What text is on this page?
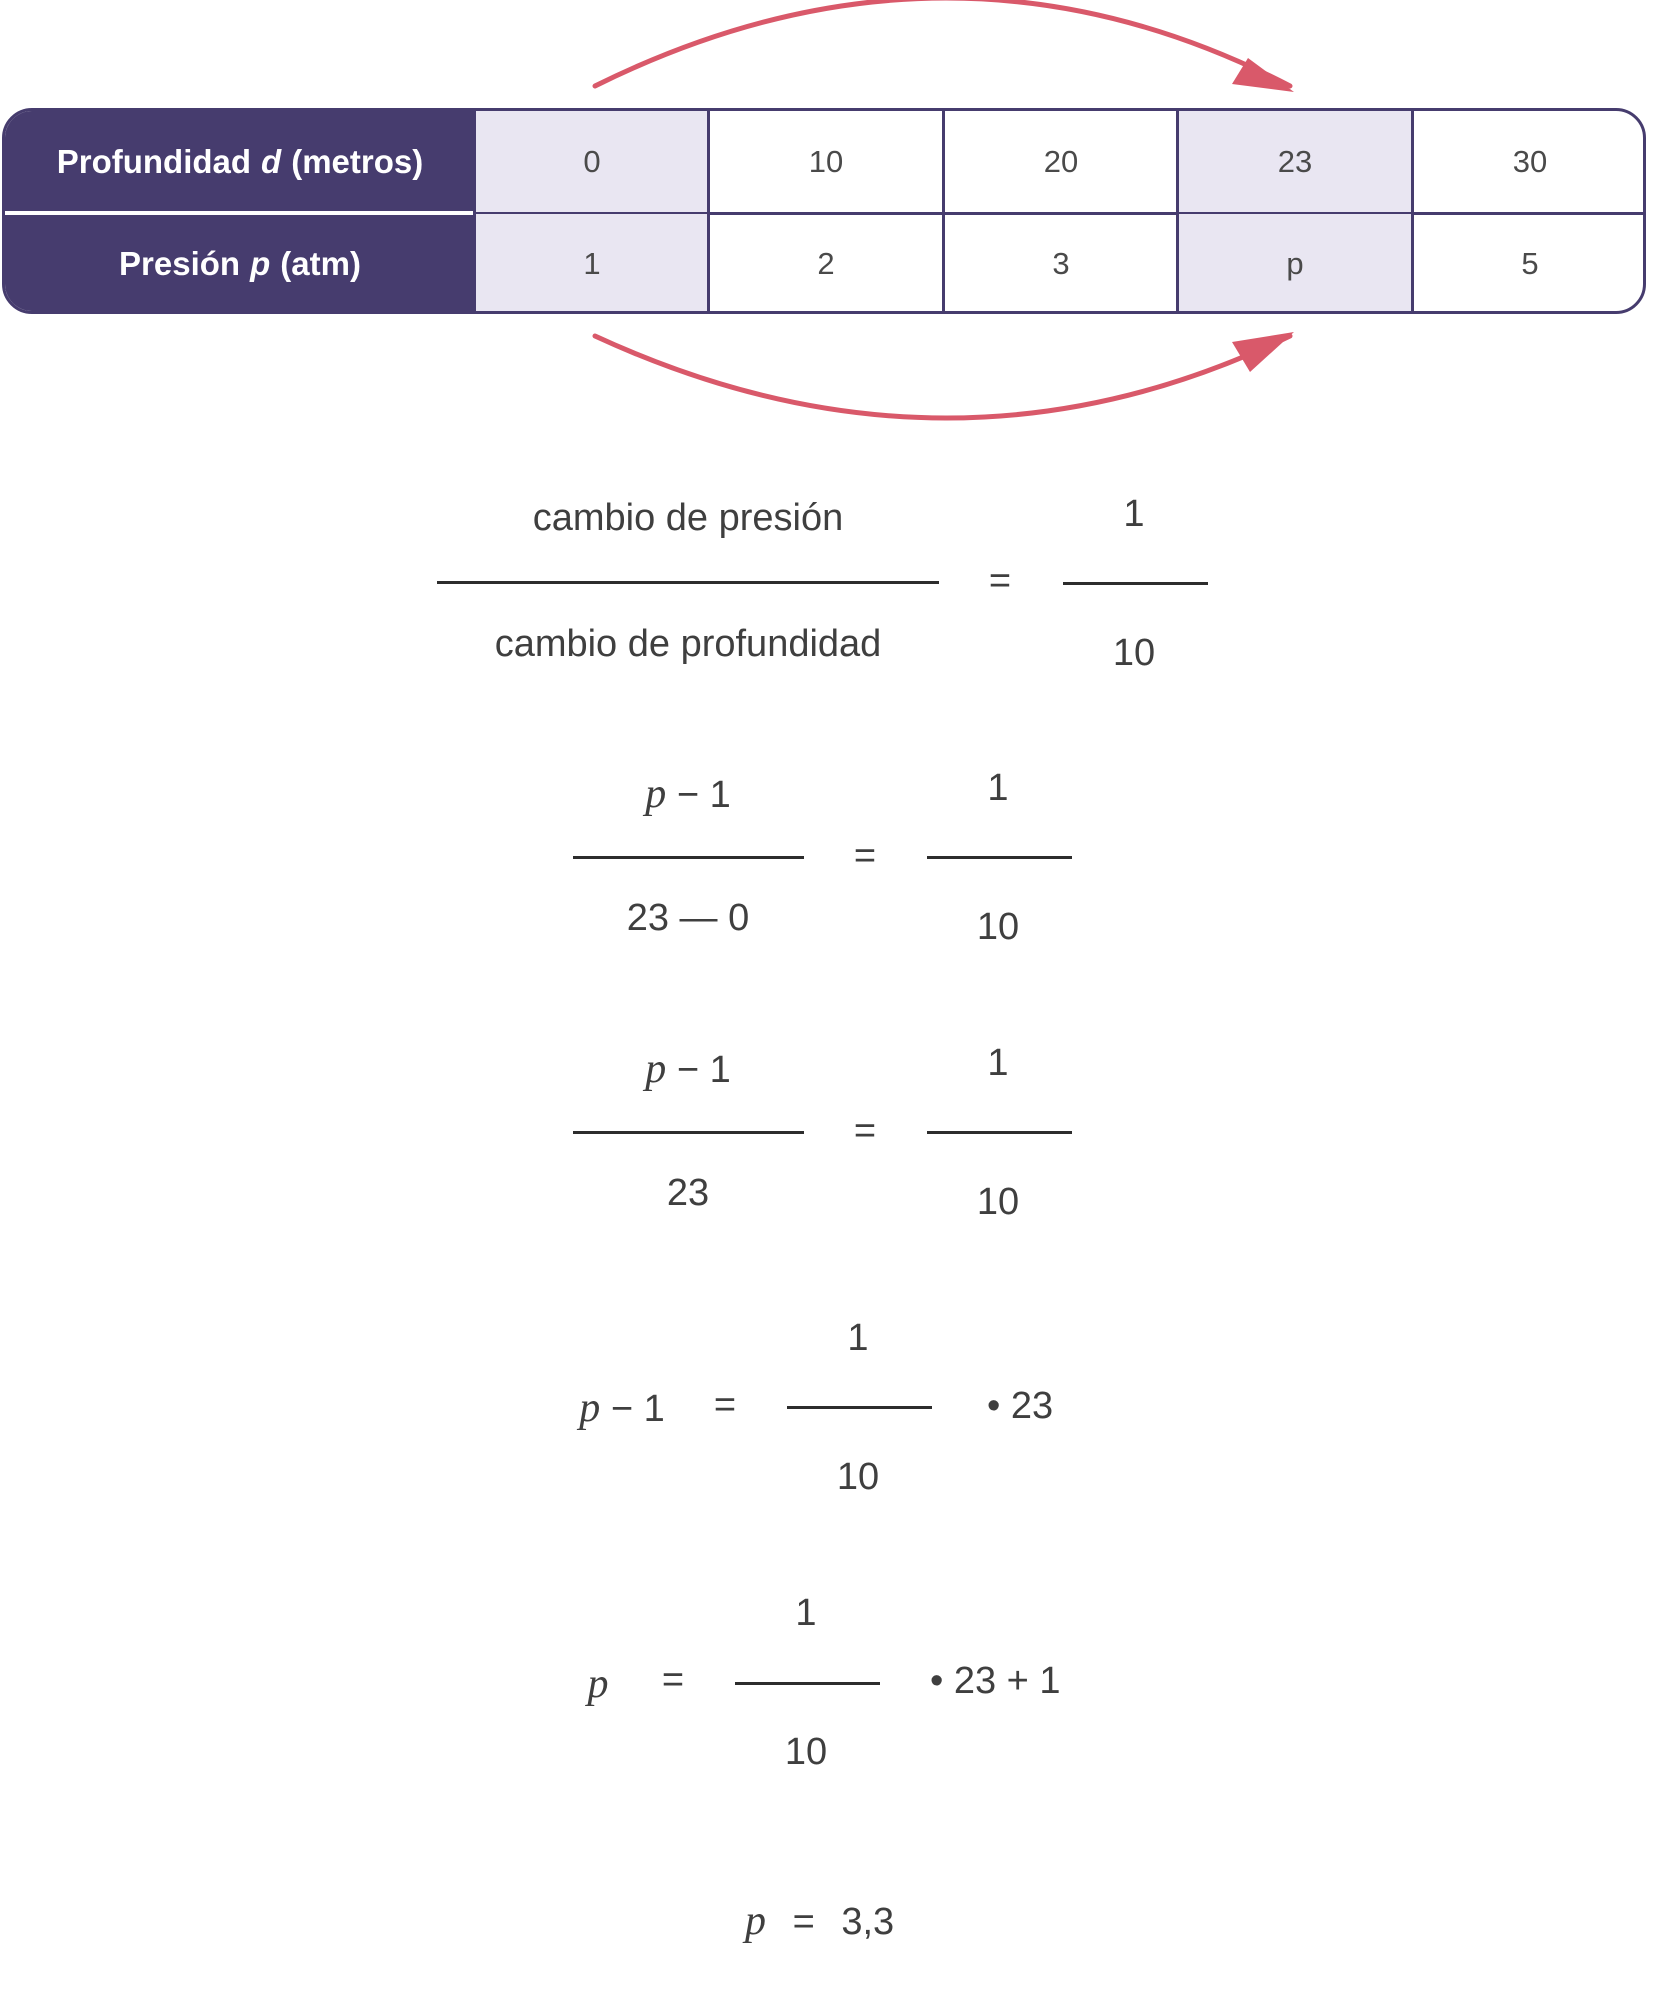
Profundidad d (metros)	0	10	20	23	30
Presión p (atm)	1	2	3	p	5
cambio de presión
cambio de profundidad
=
1
10
p − 1
23 — 0
=
1
10
p − 1
23
=
1
10
p − 1 =
1
10
• 23
p =
1
10
• 23 + 1
p = 3,3
